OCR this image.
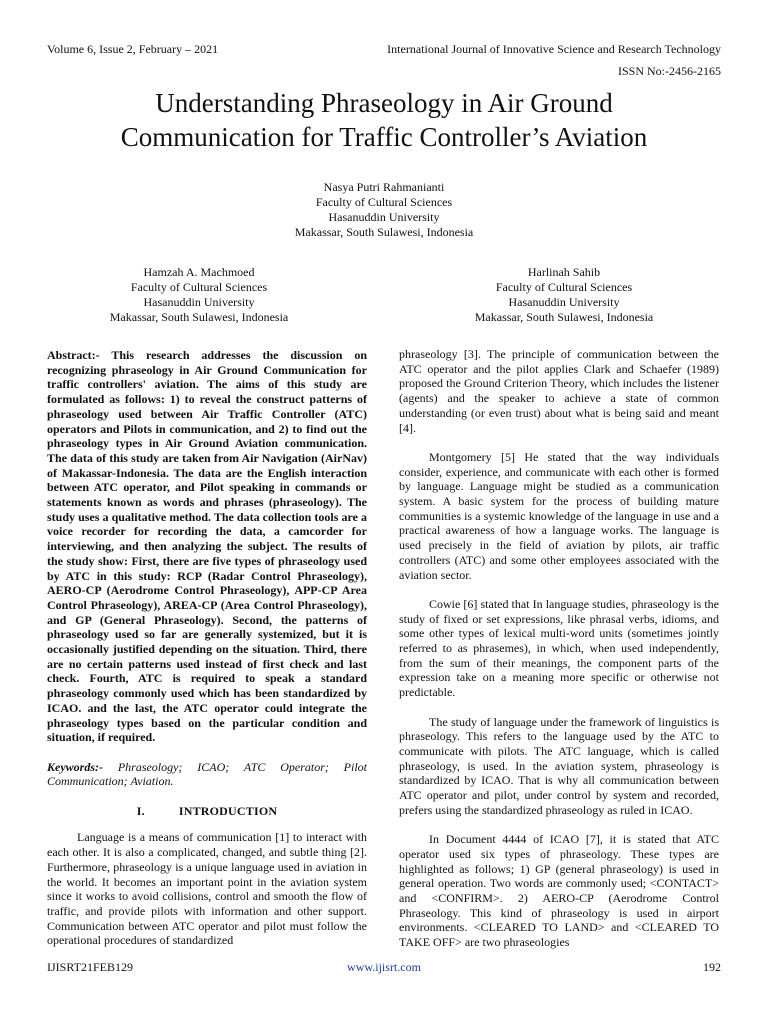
Volume 6, Issue 2, February – 2021	International Journal of Innovative Science and Research Technology
ISSN No:-2456-2165
Understanding Phraseology in Air Ground
Communication for Traffic Controller’s Aviation
Nasya Putri Rahmanianti
Faculty of Cultural Sciences
Hasanuddin University
Makassar, South Sulawesi, Indonesia
Hamzah A. Machmoed
Faculty of Cultural Sciences
Hasanuddin University
Makassar, South Sulawesi, Indonesia
Harlinah Sahib
Faculty of Cultural Sciences
Hasanuddin University
Makassar, South Sulawesi, Indonesia

Abstract:- This research addresses the discussion on recognizing phraseology in Air Ground Communication for traffic controllers' aviation. The aims of this study are formulated as follows: 1) to reveal the construct patterns of phraseology used between Air Traffic Controller (ATC) operators and Pilots in communication, and 2) to find out the phraseology types in Air Ground Aviation communication. The data of this study are taken from Air Navigation (AirNav) of Makassar-Indonesia. The data are the English interaction between ATC operator, and Pilot speaking in commands or statements known as words and phrases (phraseology). The study uses a qualitative method. The data collection tools are a voice recorder for recording the data, a camcorder for interviewing, and then analyzing the subject. The results of the study show: First, there are five types of phraseology used by ATC in this study: RCP (Radar Control Phraseology), AERO-CP (Aerodrome Control Phraseology), APP-CP Area Control Phraseology), AREA-CP (Area Control Phraseology), and GP (General Phraseology). Second, the patterns of phraseology used so far are generally systemized, but it is occasionally justified depending on the situation. Third, there are no certain patterns used instead of first check and last check. Fourth, ATC is required to speak a standard phraseology commonly used which has been standardized by ICAO. and the last, the ATC operator could integrate the phraseology types based on the particular condition and situation, if required.

Keywords:- Phraseology; ICAO; ATC Operator; Pilot Communication; Aviation.

I.	INTRODUCTION

Language is a means of communication [1] to interact with each other. It is also a complicated, changed, and subtle thing [2]. Furthermore, phraseology is a unique language used in aviation in the world. It becomes an important point in the aviation system since it works to avoid collisions, control and smooth the flow of traffic, and provide pilots with information and other support. Communication between ATC operator and pilot must follow the operational procedures of standardized

phraseology [3]. The principle of communication between the ATC operator and the pilot applies Clark and Schaefer (1989) proposed the Ground Criterion Theory, which includes the listener (agents) and the speaker to achieve a state of common understanding (or even trust) about what is being said and meant [4].

Montgomery [5] He stated that the way individuals consider, experience, and communicate with each other is formed by language. Language might be studied as a communication system. A basic system for the process of building mature communities is a systemic knowledge of the language in use and a practical awareness of how a language works. The language is used precisely in the field of aviation by pilots, air traffic controllers (ATC) and some other employees associated with the aviation sector.

Cowie [6] stated that In language studies, phraseology is the study of fixed or set expressions, like phrasal verbs, idioms, and some other types of lexical multi-word units (sometimes jointly referred to as phrasemes), in which, when used independently, from the sum of their meanings, the component parts of the expression take on a meaning more specific or otherwise not predictable.

The study of language under the framework of linguistics is phraseology. This refers to the language used by the ATC to communicate with pilots. The ATC language, which is called phraseology, is used. In the aviation system, phraseology is standardized by ICAO. That is why all communication between ATC operator and pilot, under control by system and recorded, prefers using the standardized phraseology as ruled in ICAO.

In Document 4444 of ICAO [7], it is stated that ATC operator used six types of phraseology. These types are highlighted as follows; 1) GP (general phraseology) is used in general operation. Two words are commonly used; <CONTACT> and <CONFIRM>. 2) AERO-CP (Aerodrome Control Phraseology. This kind of phraseology is used in airport environments. <CLEARED TO LAND> and <CLEARED TO TAKE OFF> are two phraseologies

IJISRT21FEB129	www.ijisrt.com	192
